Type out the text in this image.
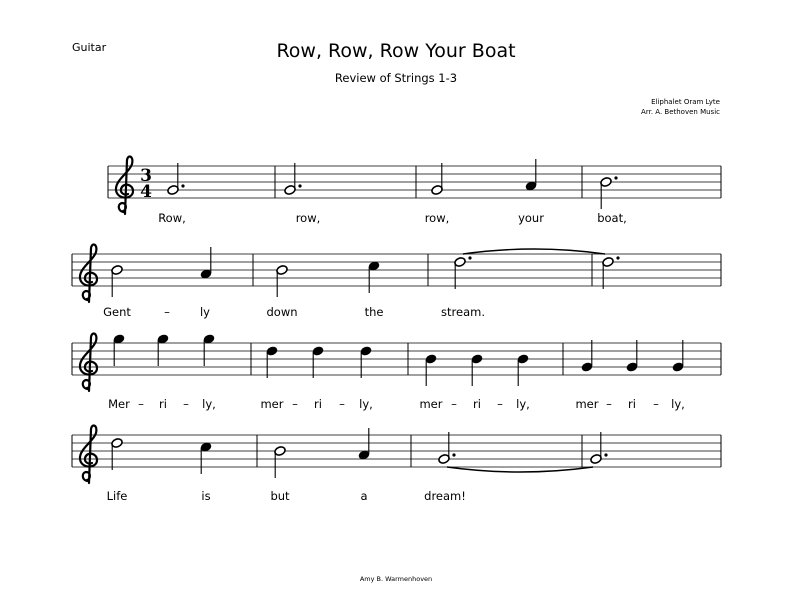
Guitar	Row, Row, Row Your Boat
Review of Strings 1-3
Eliphalet Oram Lyte
Arr. A. Bethoven Music
Amy B. Warmenhoven
3
4
Row,	row,	row,	your	boat,
Gent	–	ly	down	the	stream.
Mer – ri – ly,	mer – ri – ly,	mer – ri – ly,	mer – ri – ly,
Life	is	but	a	dream!
